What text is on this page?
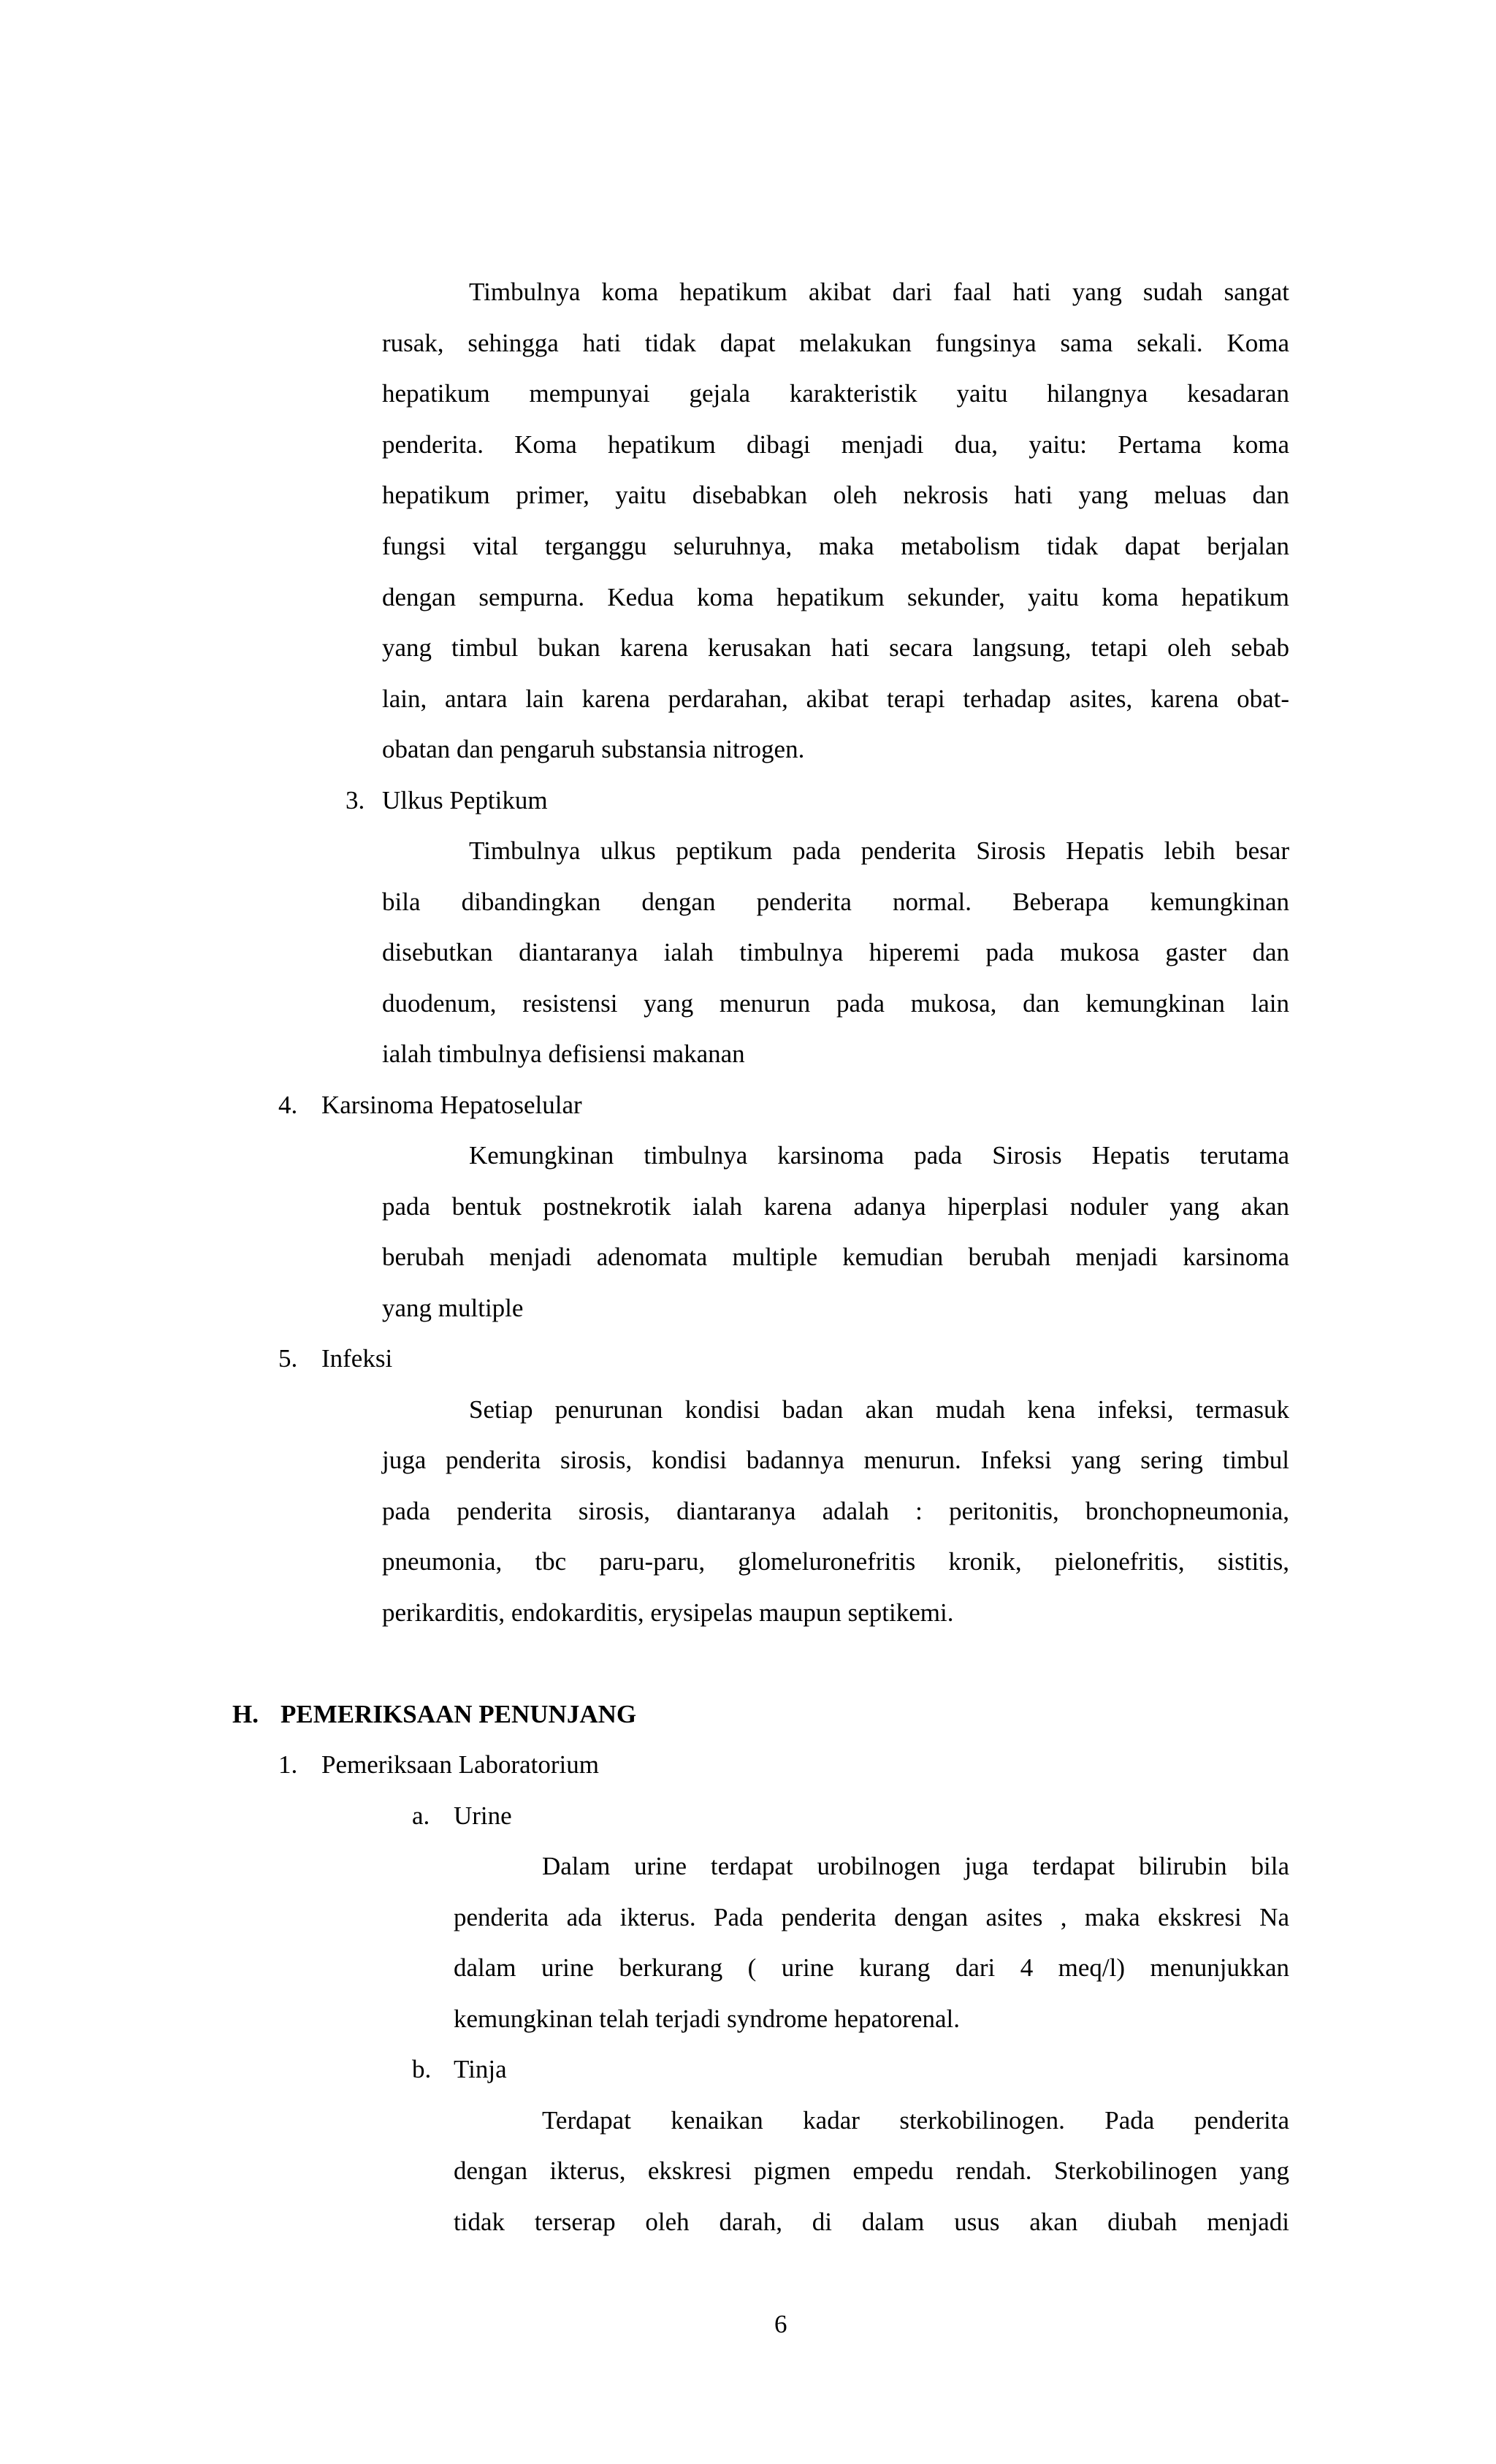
Timbulnya koma hepatikum akibat dari faal hati yang sudah sangat

rusak, sehingga hati tidak dapat melakukan fungsinya sama sekali. Koma

hepatikum mempunyai gejala karakteristik yaitu hilangnya kesadaran

penderita. Koma hepatikum dibagi menjadi dua, yaitu: Pertama koma

hepatikum primer, yaitu disebabkan oleh nekrosis hati yang meluas dan

fungsi vital terganggu seluruhnya, maka metabolism tidak dapat berjalan

dengan sempurna. Kedua koma hepatikum sekunder, yaitu koma hepatikum

yang timbul bukan karena kerusakan hati secara langsung, tetapi oleh sebab

lain, antara lain karena perdarahan, akibat terapi terhadap asites, karena obat-

obatan dan pengaruh substansia nitrogen.

3. Ulkus Peptikum

Timbulnya ulkus peptikum pada penderita Sirosis Hepatis lebih besar

bila dibandingkan dengan penderita normal. Beberapa kemungkinan

disebutkan diantaranya ialah timbulnya hiperemi pada mukosa gaster dan

duodenum, resistensi yang menurun pada mukosa, dan kemungkinan lain

ialah timbulnya defisiensi makanan

4. Karsinoma Hepatoselular

Kemungkinan timbulnya karsinoma pada Sirosis Hepatis terutama

pada bentuk postnekrotik ialah karena adanya hiperplasi noduler yang akan

berubah menjadi adenomata multiple kemudian berubah menjadi karsinoma

yang multiple

5. Infeksi

Setiap penurunan kondisi badan akan mudah kena infeksi, termasuk

juga penderita sirosis, kondisi badannya menurun. Infeksi yang sering timbul

pada penderita sirosis, diantaranya adalah : peritonitis, bronchopneumonia,

pneumonia, tbc paru-paru, glomeluronefritis kronik, pielonefritis, sistitis,

perikarditis, endokarditis, erysipelas maupun septikemi.

H. PEMERIKSAAN PENUNJANG
1. Pemeriksaan Laboratorium
a. Urine

Dalam urine terdapat urobilnogen juga terdapat bilirubin bila

penderita ada ikterus. Pada penderita dengan asites , maka ekskresi Na

dalam urine berkurang ( urine kurang dari 4 meq/l) menunjukkan

kemungkinan telah terjadi syndrome hepatorenal.

b. Tinja

Terdapat kenaikan kadar sterkobilinogen. Pada penderita

dengan ikterus, ekskresi pigmen empedu rendah. Sterkobilinogen yang

tidak terserap oleh darah, di dalam usus akan diubah menjadi

6
